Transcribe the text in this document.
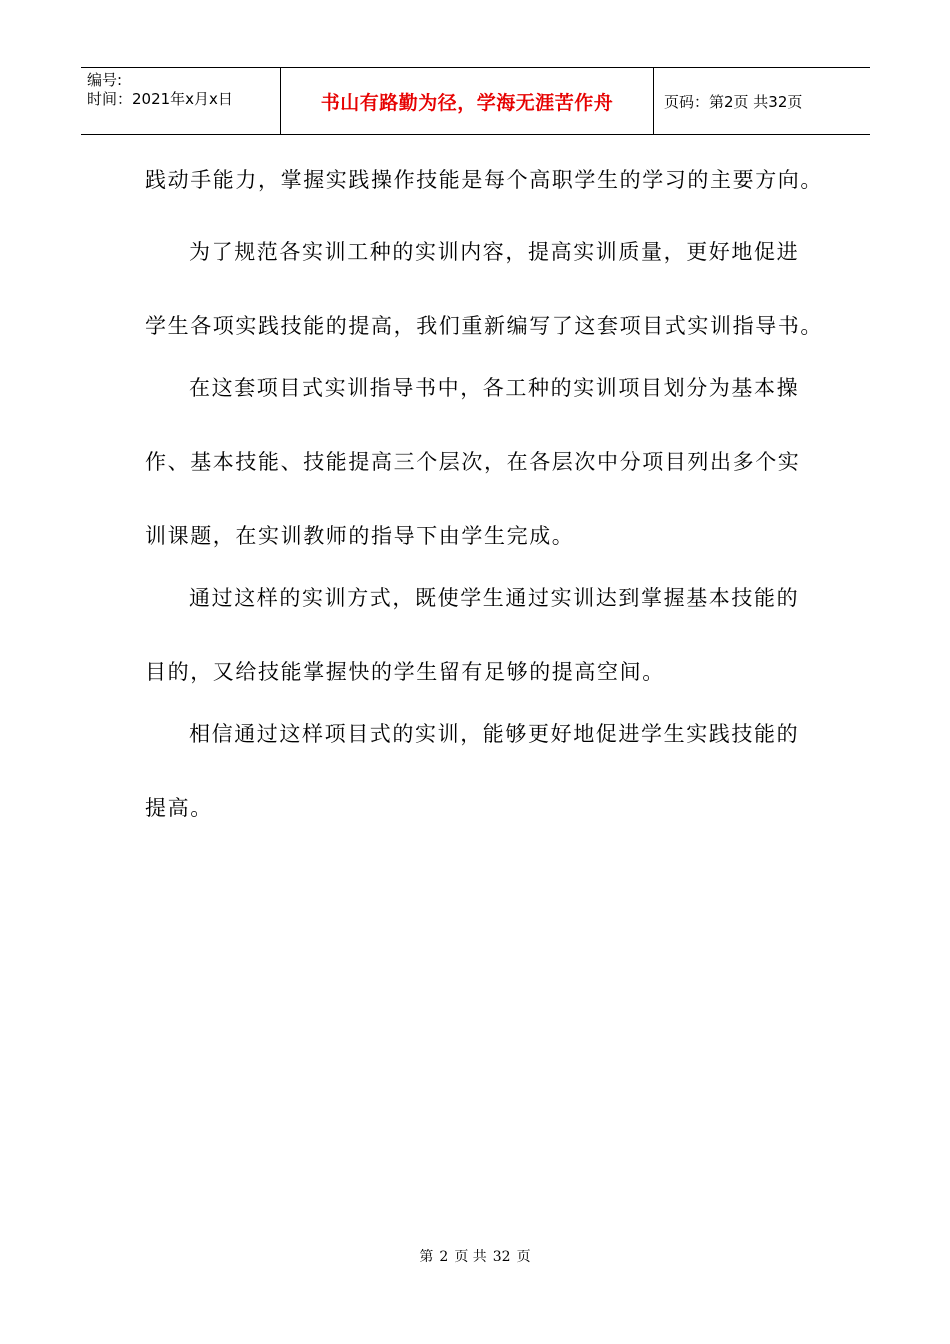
编号:
时间：2021年x月x日	书山有路勤为径，学海无涯苦作舟	页码：第2页 共32页
践动手能力，掌握实践操作技能是每个高职学生的学习的主要方向。
为了规范各实训工种的实训内容，提高实训质量，更好地促进
学生各项实践技能的提高，我们重新编写了这套项目式实训指导书。
在这套项目式实训指导书中，各工种的实训项目划分为基本操
作、基本技能、技能提高三个层次，在各层次中分项目列出多个实
训课题，在实训教师的指导下由学生完成。
通过这样的实训方式，既使学生通过实训达到掌握基本技能的
目的，又给技能掌握快的学生留有足够的提高空间。
相信通过这样项目式的实训，能够更好地促进学生实践技能的
提高。
第 2 页 共 32 页
